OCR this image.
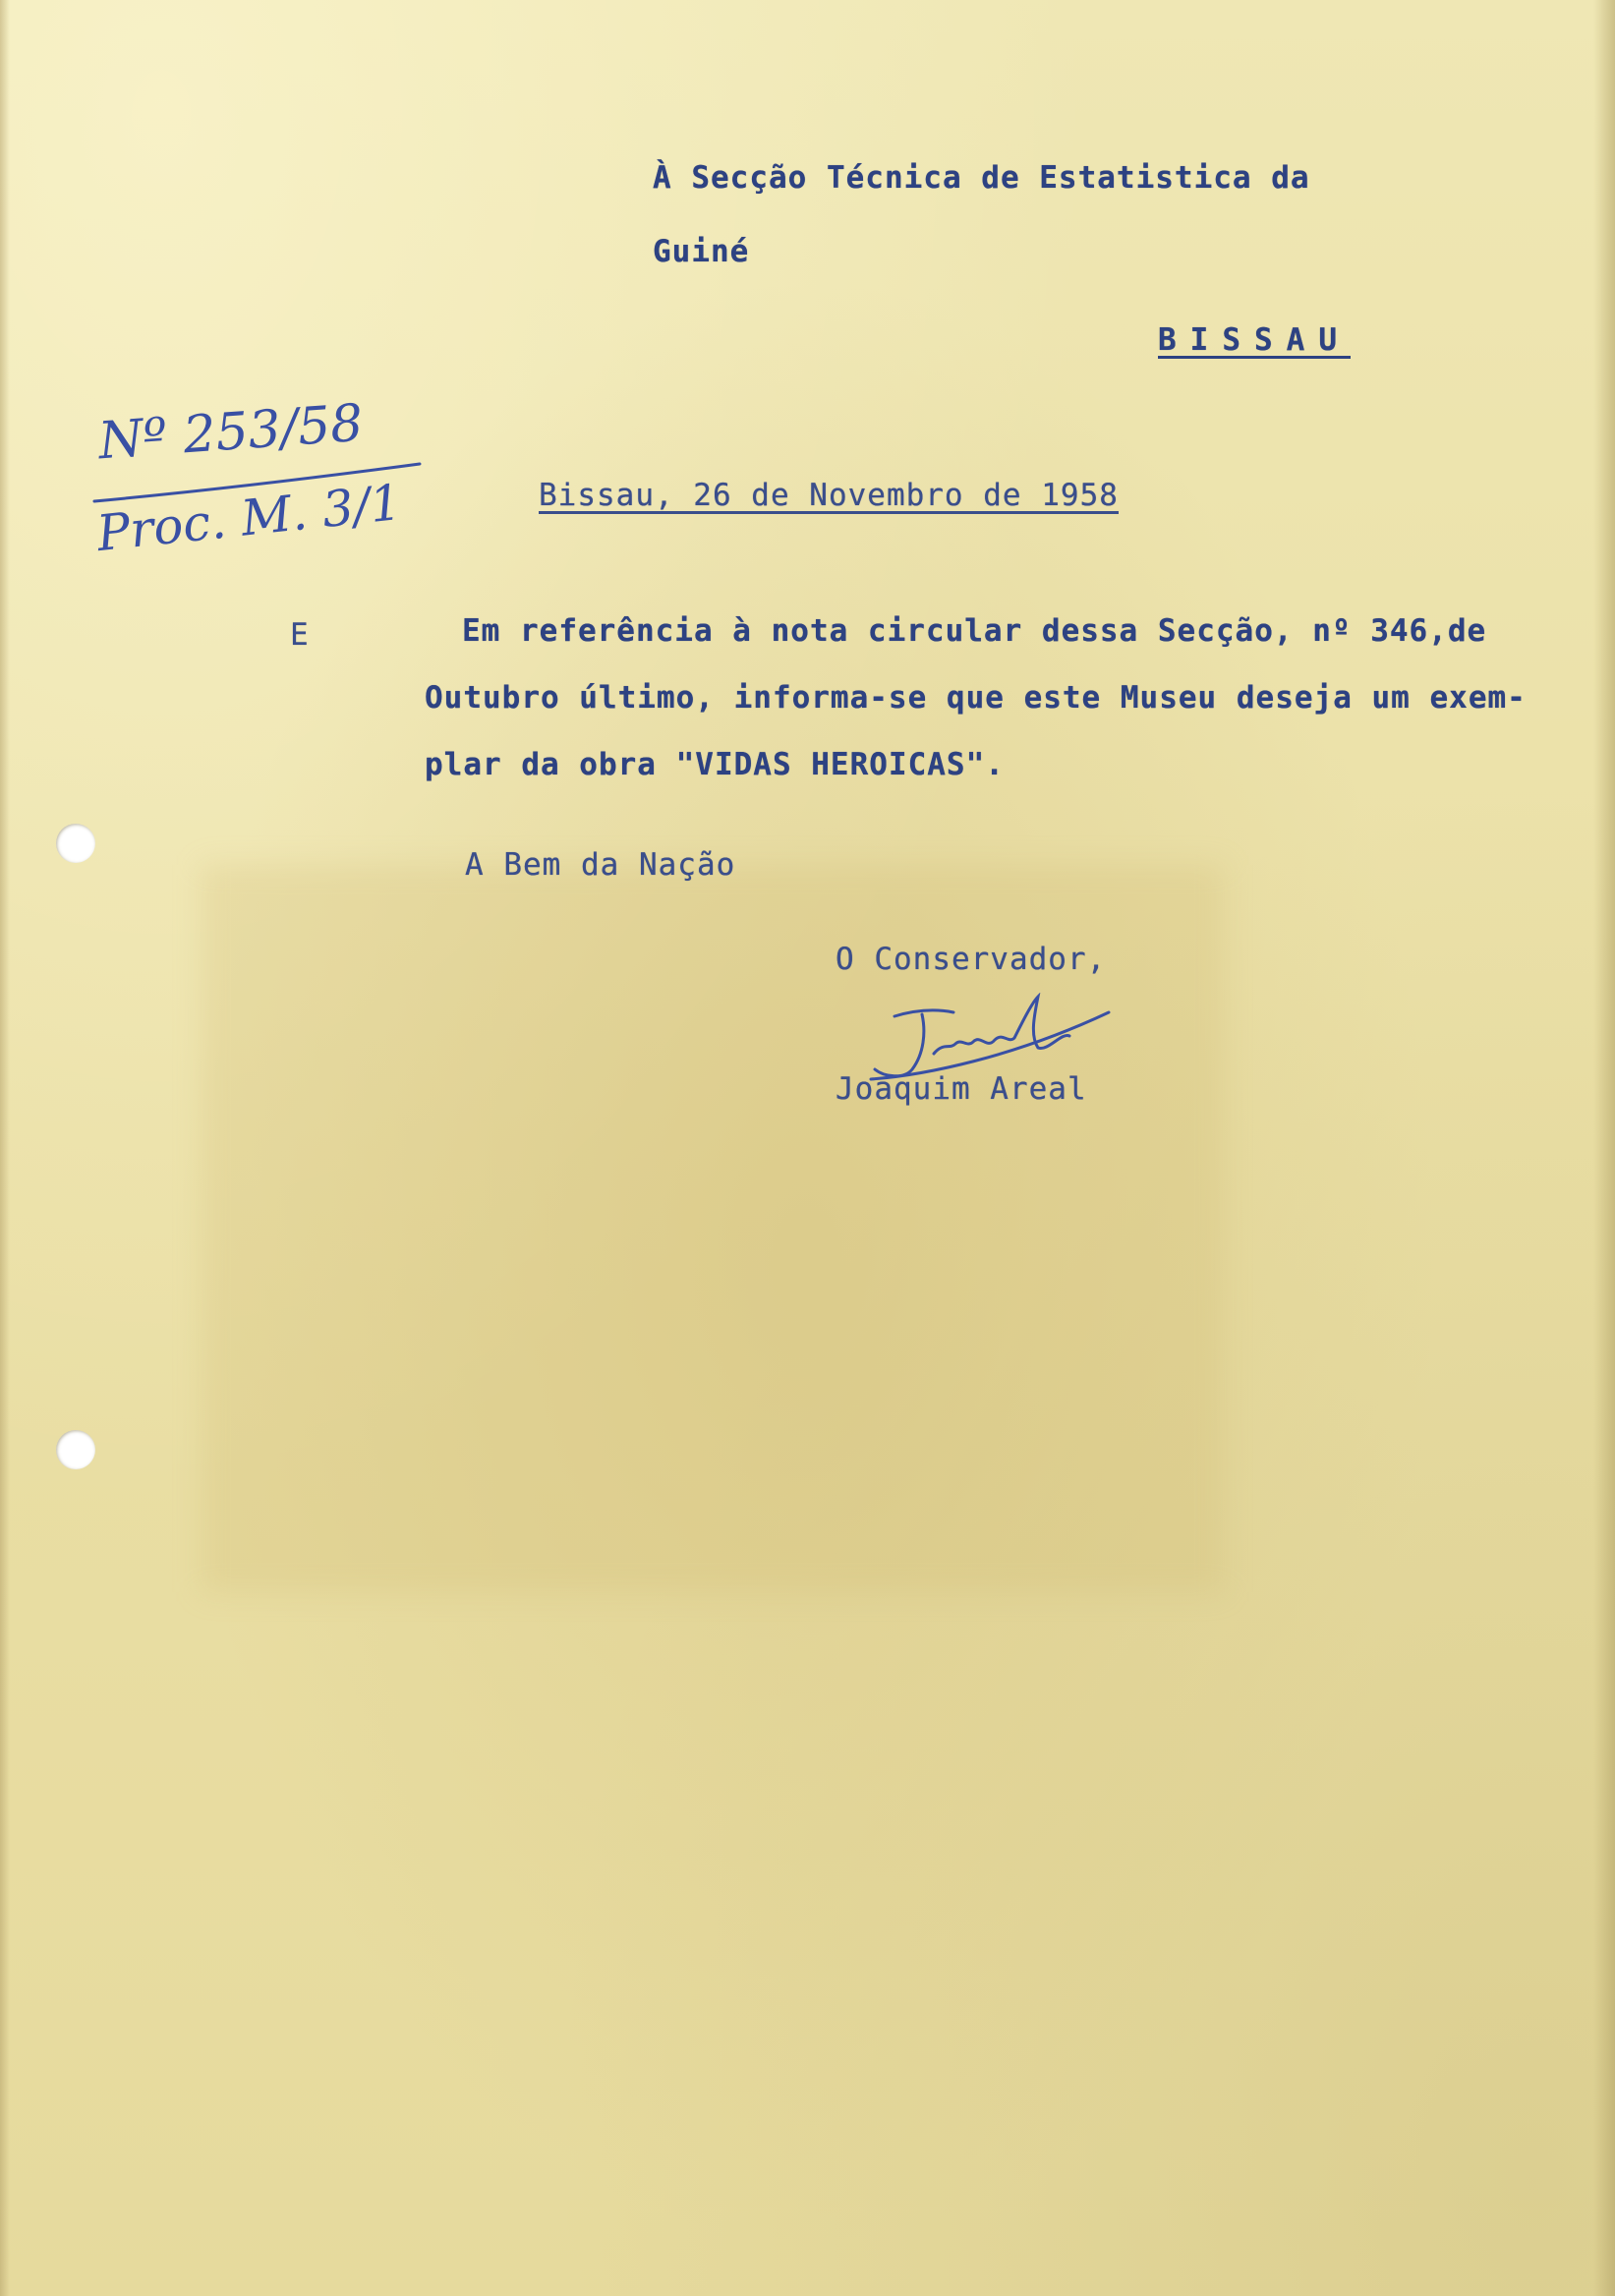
À Secção Técnica de Estatistica da
Guiné
BISSAU
Nº 253/58
Proc. M. 3/1	Bissau, 26 de Novembro de 1958
E	Em referência à nota circular dessa Secção, nº 346,de
Outubro último, informa-se que este Museu deseja um exem-
plar da obra "VIDAS HEROICAS".
A Bem da Nação
O Conservador,
Joaquim Areal
